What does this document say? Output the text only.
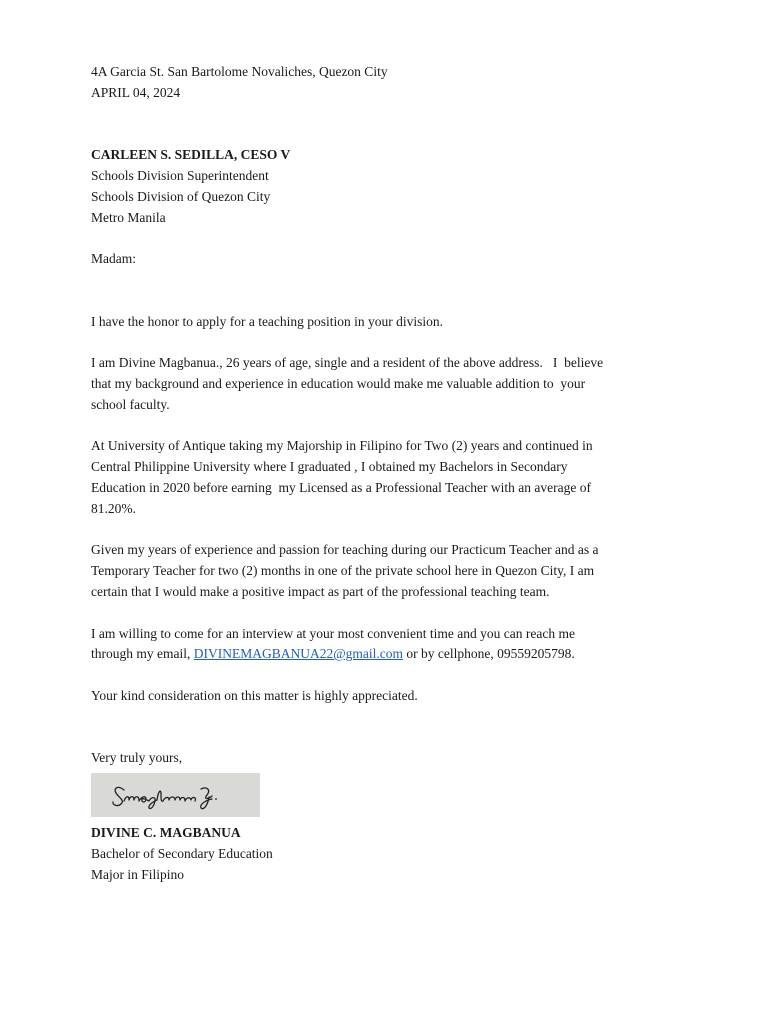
4A Garcia St. San Bartolome Novaliches, Quezon City
APRIL 04, 2024
CARLEEN S. SEDILLA, CESO V
Schools Division Superintendent
Schools Division of Quezon City
Metro Manila
Madam:
I have the honor to apply for a teaching position in your division.
I am Divine Magbanua., 26 years of age, single and a resident of the above address.   I  believe
that my background and experience in education would make me valuable addition to  your
school faculty.
At University of Antique taking my Majorship in Filipino for Two (2) years and continued in
Central Philippine University where I graduated , I obtained my Bachelors in Secondary
Education in 2020 before earning  my Licensed as a Professional Teacher with an average of
81.20%.
Given my years of experience and passion for teaching during our Practicum Teacher and as a
Temporary Teacher for two (2) months in one of the private school here in Quezon City, I am
certain that I would make a positive impact as part of the professional teaching team.
I am willing to come for an interview at your most convenient time and you can reach me
through my email, DIVINEMAGBANUA22@gmail.com or by cellphone, 09559205798.
Your kind consideration on this matter is highly appreciated.
Very truly yours,
DIVINE C. MAGBANUA
Bachelor of Secondary Education
Major in Filipino
